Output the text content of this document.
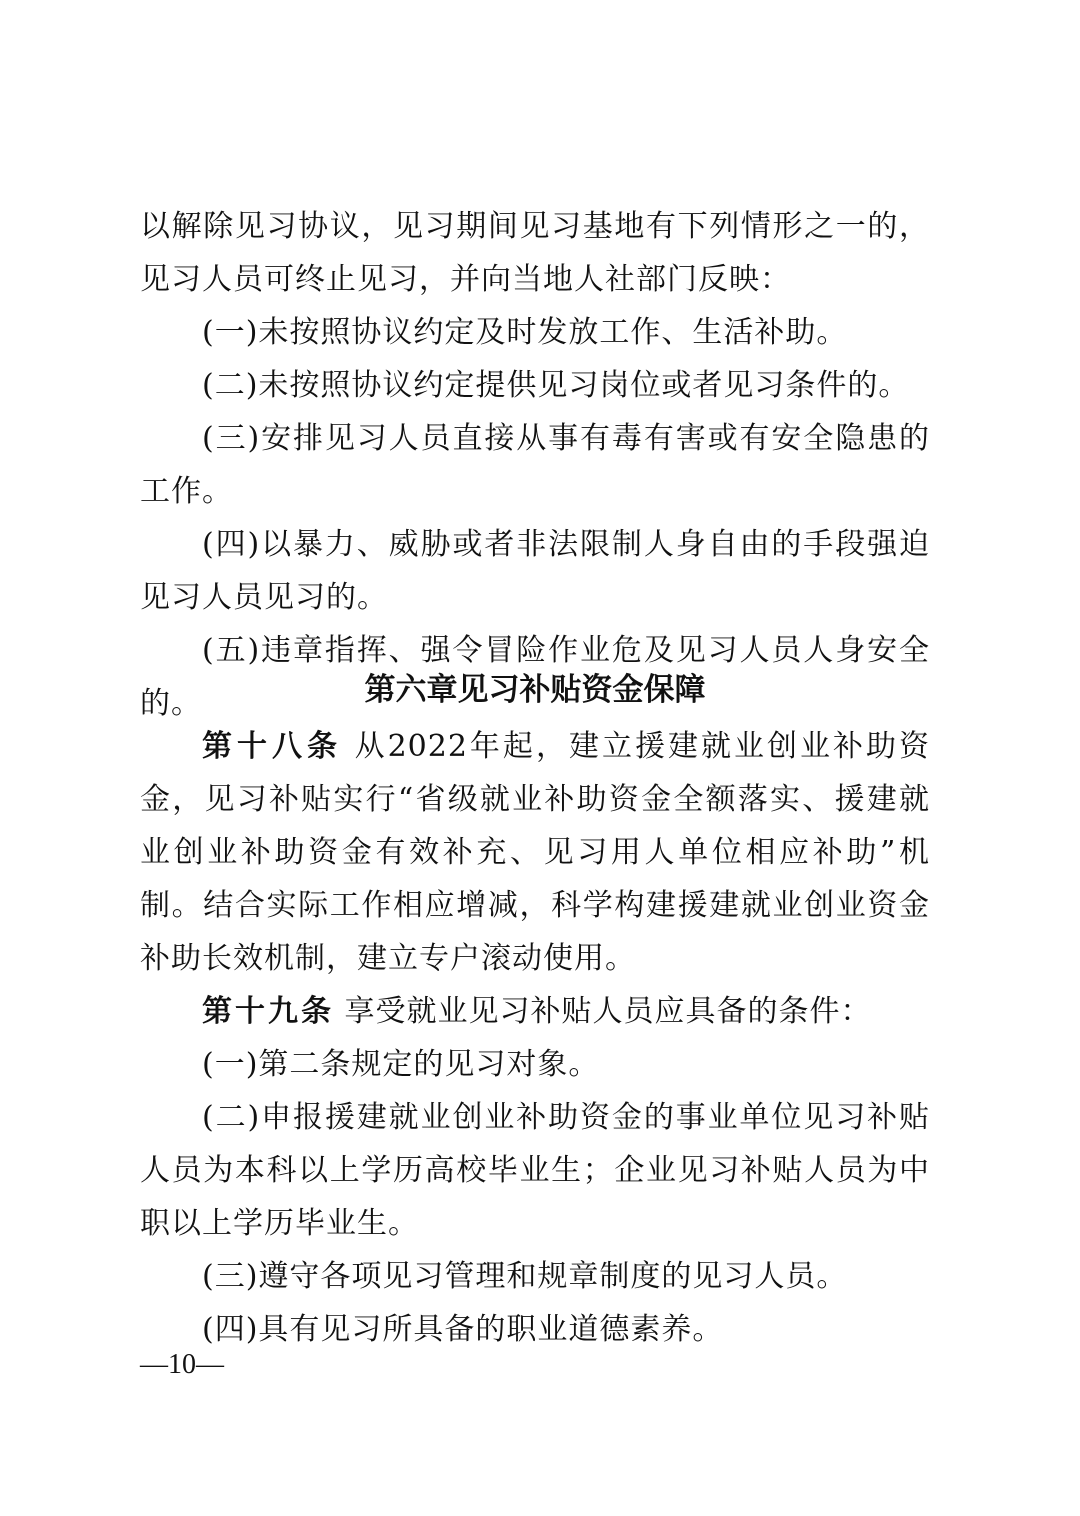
以解除见习协议，见习期间见习基地有下列情形之一的，见习人员可终止见习，并向当地人社部门反映：

(一)未按照协议约定及时发放工作、生活补助。

(二)未按照协议约定提供见习岗位或者见习条件的。

(三)安排见习人员直接从事有毒有害或有安全隐患的工作。

(四)以暴力、威胁或者非法限制人身自由的手段强迫见习人员见习的。

(五)违章指挥、强令冒险作业危及见习人员人身安全的。	第六章见习补贴资金保障

第十八条 从2022年起，建立援建就业创业补助资金，见习补贴实行“省级就业补助资金全额落实、援建就业创业补助资金有效补充、见习用人单位相应补助”机制。结合实际工作相应增减，科学构建援建就业创业资金补助长效机制，建立专户滚动使用。

第十九条 享受就业见习补贴人员应具备的条件：

(一)第二条规定的见习对象。

(二)申报援建就业创业补助资金的事业单位见习补贴人员为本科以上学历高校毕业生；企业见习补贴人员为中职以上学历毕业生。

(三)遵守各项见习管理和规章制度的见习人员。

(四)具有见习所具备的职业道德素养。

—10—
